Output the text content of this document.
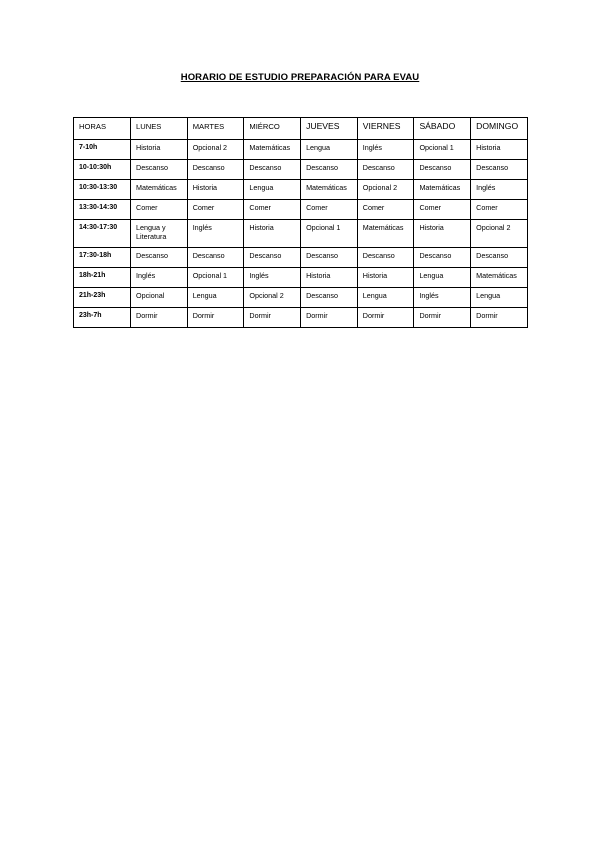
HORARIO DE ESTUDIO PREPARACIÓN PARA EVAU
HORAS	LUNES	MARTES	MIÉRCO	JUEVES	VIERNES	SÁBADO	DOMINGO
7-10h	Historia	Opcional 2	Matemáticas	Lengua	Inglés	Opcional 1	Historia
10-10:30h	Descanso	Descanso	Descanso	Descanso	Descanso	Descanso	Descanso
10:30-13:30	Matemáticas	Historia	Lengua	Matemáticas	Opcional 2	Matemáticas	Inglés
13:30-14:30	Comer	Comer	Comer	Comer	Comer	Comer	Comer
14:30-17:30	Lengua y Literatura	Inglés	Historia	Opcional 1	Matemáticas	Historia	Opcional 2
17:30-18h	Descanso	Descanso	Descanso	Descanso	Descanso	Descanso	Descanso
18h-21h	Inglés	Opcional 1	Inglés	Historia	Historia	Lengua	Matemáticas
21h-23h	Opcional	Lengua	Opcional 2	Descanso	Lengua	Inglés	Lengua
23h-7h	Dormir	Dormir	Dormir	Dormir	Dormir	Dormir	Dormir
